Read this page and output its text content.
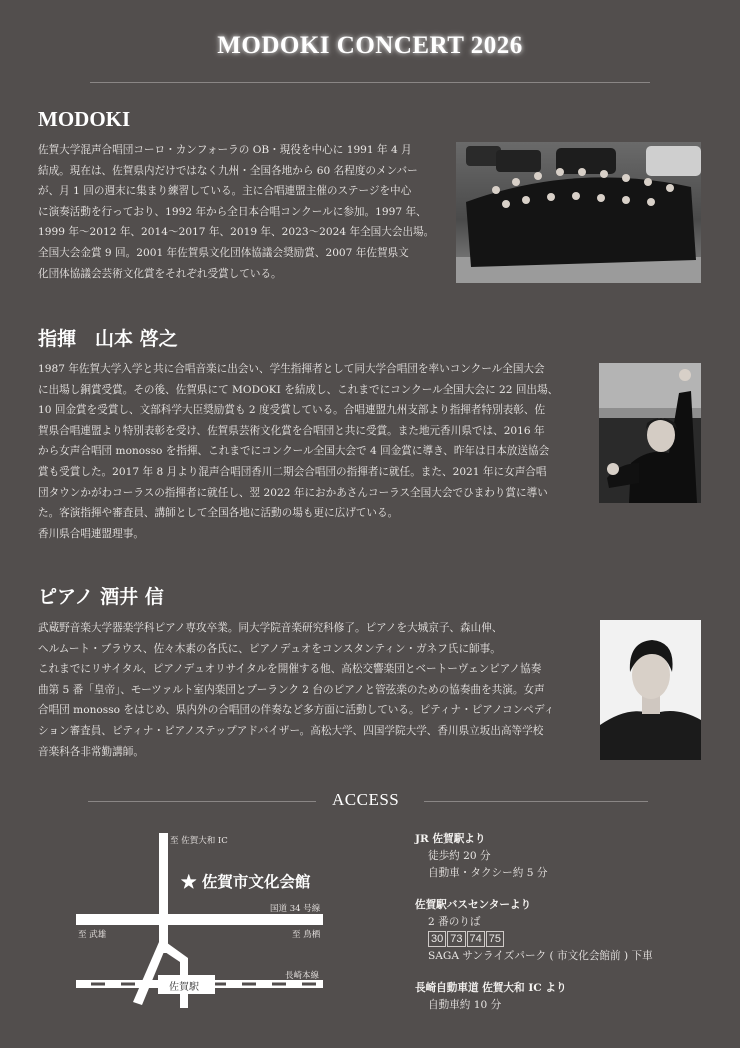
MODOKI CONCERT 2026
MODOKI

佐賀大学混声合唱団コーロ・カンフォーラの OB・現役を中心に 1991 年 4 月

結成。現在は、佐賀県内だけではなく九州・全国各地から 60 名程度のメンバー

が、月 1 回の週末に集まり練習している。主に合唱連盟主催のステージを中心

に演奏活動を行っており、1992 年から全日本合唱コンクールに参加。1997 年、

1999 年〜2012 年、2014〜2017 年、2019 年、2023〜2024 年全国大会出場。

全国大会金賞 9 回。2001 年佐賀県文化団体協議会奨励賞、2007 年佐賀県文

化団体協議会芸術文化賞をそれぞれ受賞している。

指揮　山本 啓之

1987 年佐賀大学入学と共に合唱音楽に出会い、学生指揮者として同大学合唱団を率いコンクール全国大会

に出場し銅賞受賞。その後、佐賀県にて MODOKI を結成し、これまでにコンクール全国大会に 22 回出場、

10 回金賞を受賞し、文部科学大臣奨励賞も 2 度受賞している。合唱連盟九州支部より指揮者特別表彰、佐

賀県合唱連盟より特別表彰を受け、佐賀県芸術文化賞を合唱団と共に受賞。また地元香川県では、2016 年

から女声合唱団 monosso を指揮、これまでにコンクール全国大会で 4 回金賞に導き、昨年は日本放送協会

賞も受賞した。2017 年 8 月より混声合唱団香川二期会合唱団の指揮者に就任。また、2021 年に女声合唱

団タウンかがわコーラスの指揮者に就任し、翌 2022 年におかあさんコーラス全国大会でひまわり賞に導い

た。客演指揮や審査員、講師として全国各地に活動の場も更に広げている。

香川県合唱連盟理事。

ピアノ 酒井 信

武蔵野音楽大学器楽学科ピアノ専攻卒業。同大学院音楽研究科修了。ピアノを大城京子、森山伸、

ヘルムート・ブラウス、佐々木素の各氏に、ピアノデュオをコンスタンティン・ガネフ氏に師事。

これまでにリサイタル、ピアノデュオリサイタルを開催する他、高松交響楽団とベートーヴェンピアノ協奏

曲第 5 番「皇帝」、モーツァルト室内楽団とプーランク 2 台のピアノと管弦楽のための協奏曲を共演。女声

合唱団 monosso をはじめ、県内外の合唱団の伴奏など多方面に活動している。ピティナ・ピアノコンペディ

ション審査員、ピティナ・ピアノステップアドバイザー。高松大学、四国学院大学、香川県立坂出高等学校

音楽科各非常勤講師。

ACCESS
至 佐賀大和 IC
★ 佐賀市文化会館
国道 34 号線
至 武雄	至 鳥栖
長崎本線
佐賀駅
JR 佐賀駅より
徒歩約 20 分
自動車・タクシー約 5 分
佐賀駅バスセンターより
2 番のりば
30 73 74 75
SAGA サンライズパーク ( 市文化会館前 ) 下車
長崎自動車道 佐賀大和 IC より
自動車約 10 分
